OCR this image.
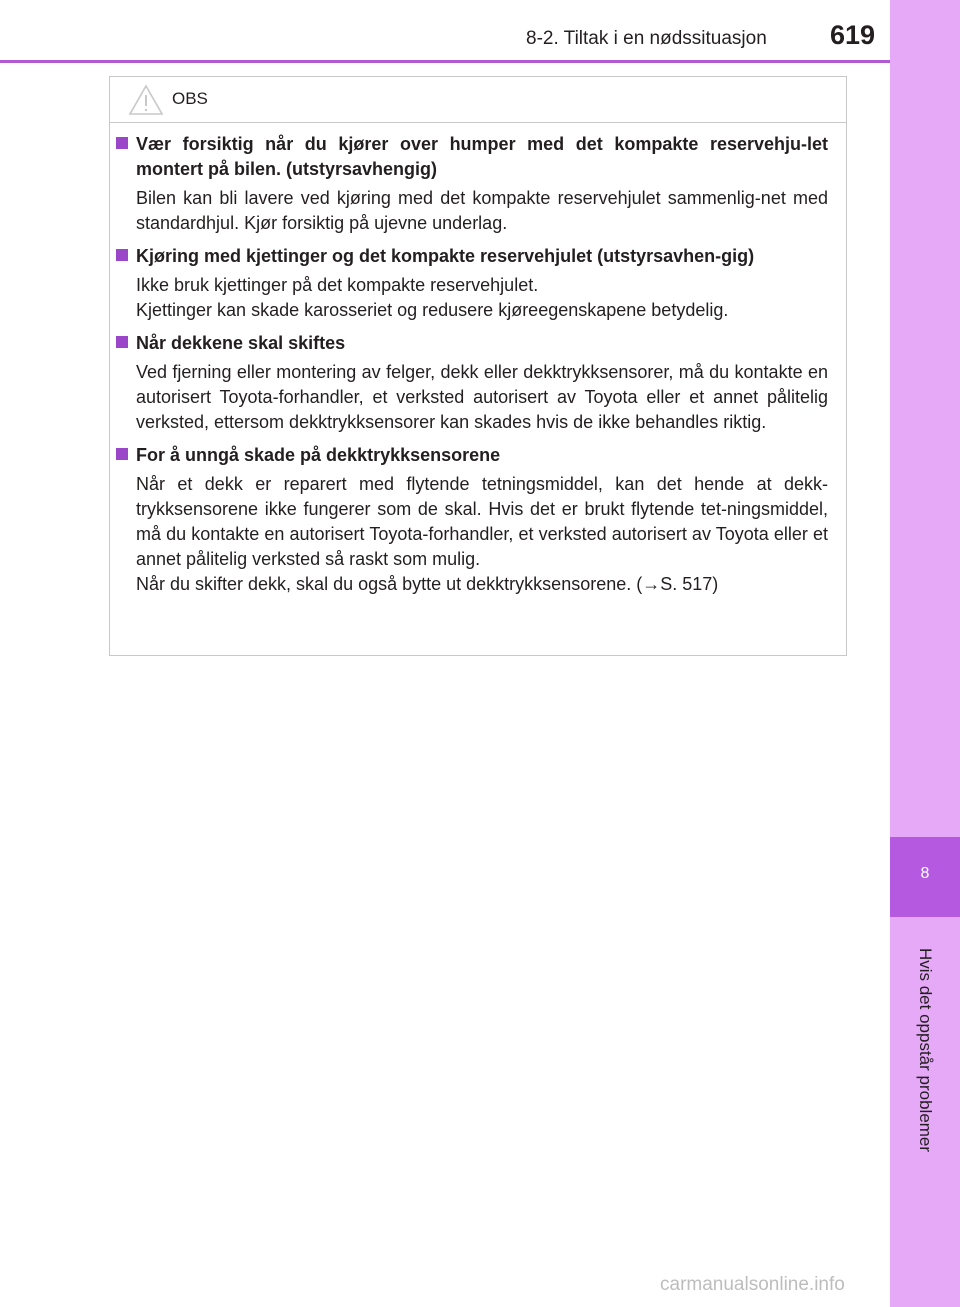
8-2. Tiltak i en nødssituasjon 619
8
Hvis det oppstår problemer
OBS

Vær forsiktig når du kjører over humper med det kompakte reservehju-let montert på bilen. (utstyrsavhengig)

Bilen kan bli lavere ved kjøring med det kompakte reservehjulet sammenlig-net med standardhjul. Kjør forsiktig på ujevne underlag.

Kjøring med kjettinger og det kompakte reservehjulet (utstyrsavhen-gig)

Ikke bruk kjettinger på det kompakte reservehjulet.

Kjettinger kan skade karosseriet og redusere kjøreegenskapene betydelig.

Når dekkene skal skiftes

Ved fjerning eller montering av felger, dekk eller dekktrykksensorer, må du kontakte en autorisert Toyota-forhandler, et verksted autorisert av Toyota eller et annet pålitelig verksted, ettersom dekktrykksensorer kan skades hvis de ikke behandles riktig.

For å unngå skade på dekktrykksensorene

Når et dekk er reparert med flytende tetningsmiddel, kan det hende at dekk-trykksensorene ikke fungerer som de skal. Hvis det er brukt flytende tet-ningsmiddel, må du kontakte en autorisert Toyota-forhandler, et verksted autorisert av Toyota eller et annet pålitelig verksted så raskt som mulig.

Når du skifter dekk, skal du også bytte ut dekktrykksensorene. (→S. 517)

carmanualsonline.info
